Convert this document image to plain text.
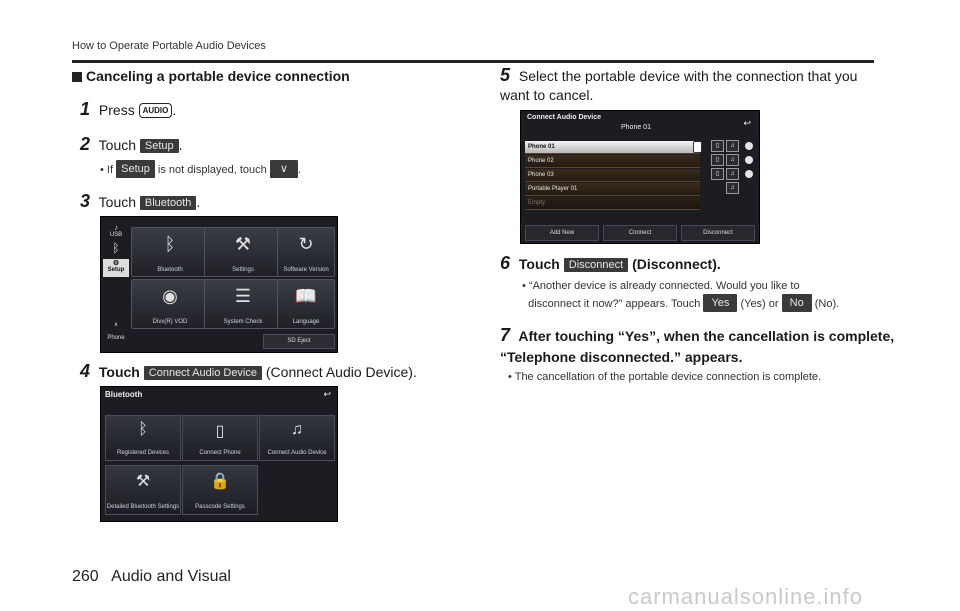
How to Operate Portable Audio Devices
Canceling a portable device connection
1 Press AUDIO .
2 Touch Setup .
• If Setup is not displayed, touch ∨ .
3 Touch Bluetooth .
♪
USB
ᛒ
⚙
Setup
∧
Phone
ᛒ
Bluetooth
⚒
Settings
↻
Software Version
◉
Divx(R) VOD
☰
System Check
📖
Language
SD Eject
4 Touch Connect Audio Device (Connect Audio Device).
Bluetooth	↩
ᛒ
Registered Devices
▯
Connect Phone
♫
Connect Audio Device
⚒
Detailed Bluetooth Settings
🔒
Passcode Settings
5 Select the portable device with the connection that you want to cancel.
Connect Audio Device
Phone 01	↩
Phone 01
Phone 02
Phone 03
Portable Player 01
Empty
▯	♫
▯	♫
▯	♫
♫
Add New	Connect	Disconnect
6 Touch Disconnect (Disconnect).
• “Another device is already connected. Would you like to
disconnect it now?” appears. Touch Yes (Yes) or No (No).
7 After touching “Yes”, when the cancellation is complete,
“Telephone disconnected.” appears.
• The cancellation of the portable device connection is complete.
260 Audio and Visual
carmanualsonline.info
